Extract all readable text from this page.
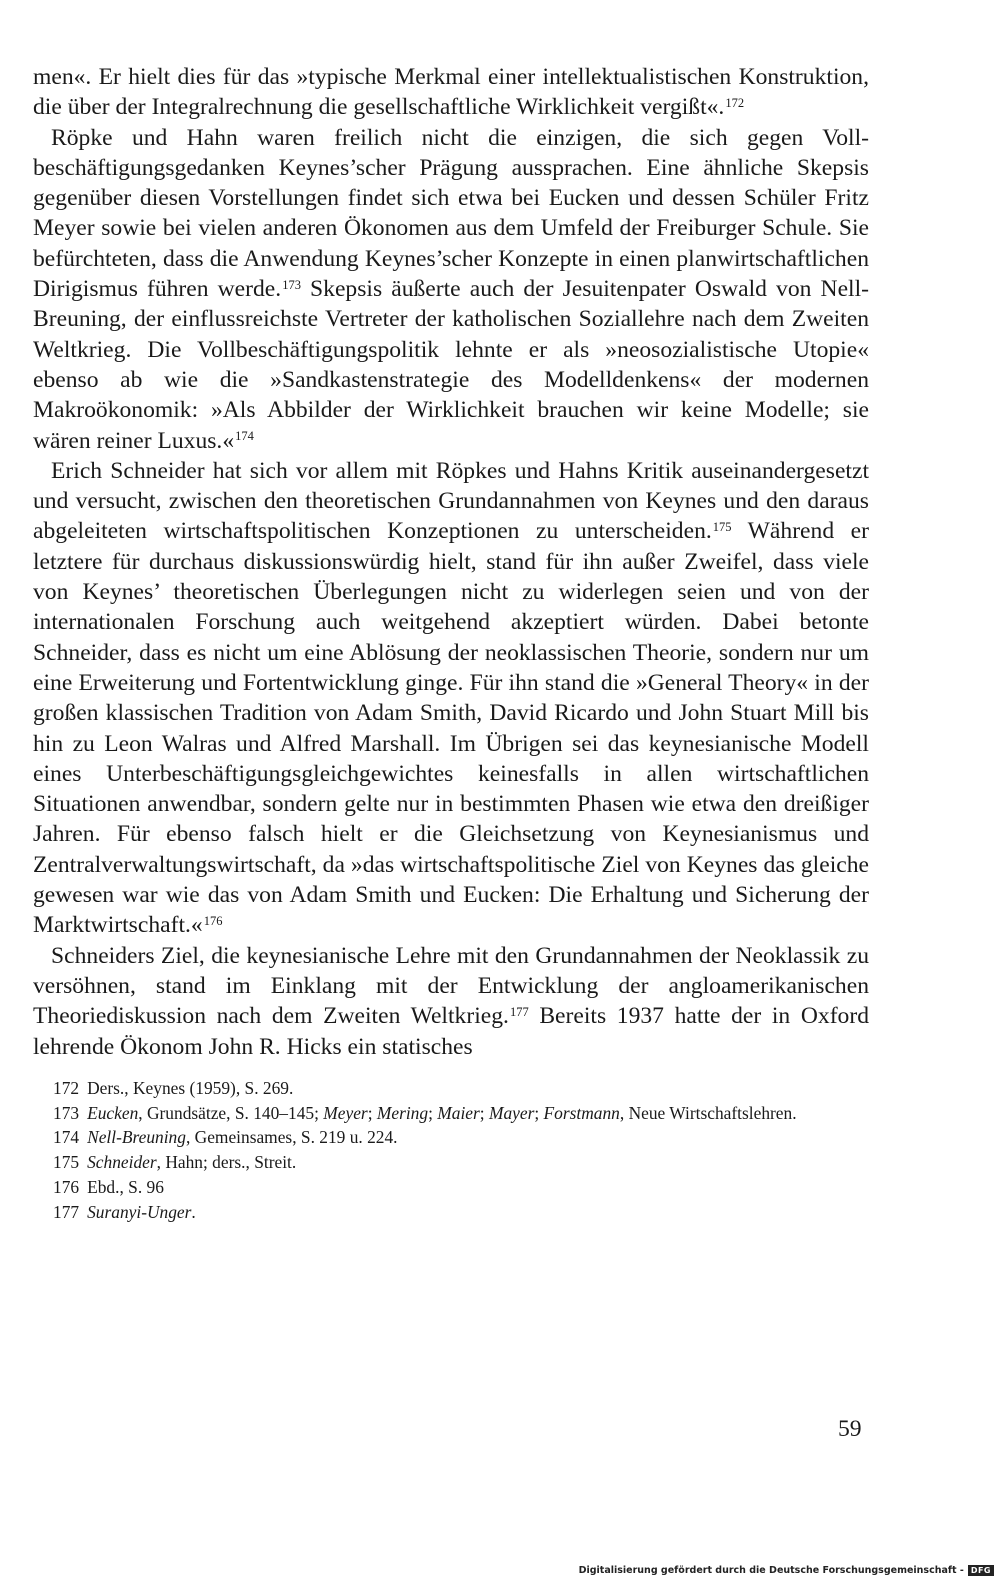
men«. Er hielt dies für das »typische Merkmal einer intellektualistischen Konstruktion, die über der Integralrechnung die gesellschaftliche Wirklichkeit vergißt«.$^{172}$

Röpke und Hahn waren freilich nicht die einzigen, die sich gegen Vollbeschäftigungsgedanken Keynes’scher Prägung aussprachen. Eine ähnliche Skepsis gegenüber diesen Vorstellungen findet sich etwa bei Eucken und dessen Schüler Fritz Meyer sowie bei vielen anderen Ökonomen aus dem Umfeld der Freiburger Schule. Sie befürchteten, dass die Anwendung Keynes’scher Konzepte in einen planwirtschaftlichen Dirigismus führen werde.$^{173}$ Skepsis äußerte auch der Jesuitenpater Oswald von Nell-Breuning, der einflussreichste Vertreter der katholischen Soziallehre nach dem Zweiten Weltkrieg. Die Vollbeschäftigungspolitik lehnte er als »neosozialistische Utopie« ebenso ab wie die »Sandkastenstrategie des Modelldenkens« der modernen Makroökonomik: »Als Abbilder der Wirklichkeit brauchen wir keine Modelle; sie wären reiner Luxus.«$^{174}$

Erich Schneider hat sich vor allem mit Röpkes und Hahns Kritik auseinandergesetzt und versucht, zwischen den theoretischen Grundannahmen von Keynes und den daraus abgeleiteten wirtschaftspolitischen Konzeptionen zu unterscheiden.$^{175}$ Während er letztere für durchaus diskussionswürdig hielt, stand für ihn außer Zweifel, dass viele von Keynes’ theoretischen Überlegungen nicht zu widerlegen seien und von der internationalen Forschung auch weitgehend akzeptiert würden. Dabei betonte Schneider, dass es nicht um eine Ablösung der neoklassischen Theorie, sondern nur um eine Erweiterung und Fortentwicklung ginge. Für ihn stand die »General Theory« in der großen klassischen Tradition von Adam Smith, David Ricardo und John Stuart Mill bis hin zu Leon Walras und Alfred Marshall. Im Übrigen sei das keynesianische Modell eines Unterbeschäftigungsgleichgewichtes keinesfalls in allen wirtschaftlichen Situationen anwendbar, sondern gelte nur in bestimmten Phasen wie etwa den dreißiger Jahren. Für ebenso falsch hielt er die Gleichsetzung von Keynesianismus und Zentralverwaltungswirtschaft, da »das wirtschaftspolitische Ziel von Keynes das gleiche gewesen war wie das von Adam Smith und Eucken: Die Erhaltung und Sicherung der Marktwirtschaft.«$^{176}$

Schneiders Ziel, die keynesianische Lehre mit den Grundannahmen der Neoklassik zu versöhnen, stand im Einklang mit der Entwicklung der angloamerikanischen Theoriediskussion nach dem Zweiten Weltkrieg.$^{177}$ Bereits 1937 hatte der in Oxford lehrende Ökonom John R. Hicks ein statisches

172 Ders., Keynes (1959), S. 269.
173 Eucken, Grundsätze, S. 140–145; Meyer; Mering; Maier; Mayer; Forstmann, Neue Wirtschaftslehren.
174 Nell-Breuning, Gemeinsames, S. 219 u. 224.
175 Schneider, Hahn; ders., Streit.
176 Ebd., S. 96
177 Suranyi-Unger.
59
Digitalisierung gefördert durch die Deutsche Forschungsgemeinschaft - DFG
